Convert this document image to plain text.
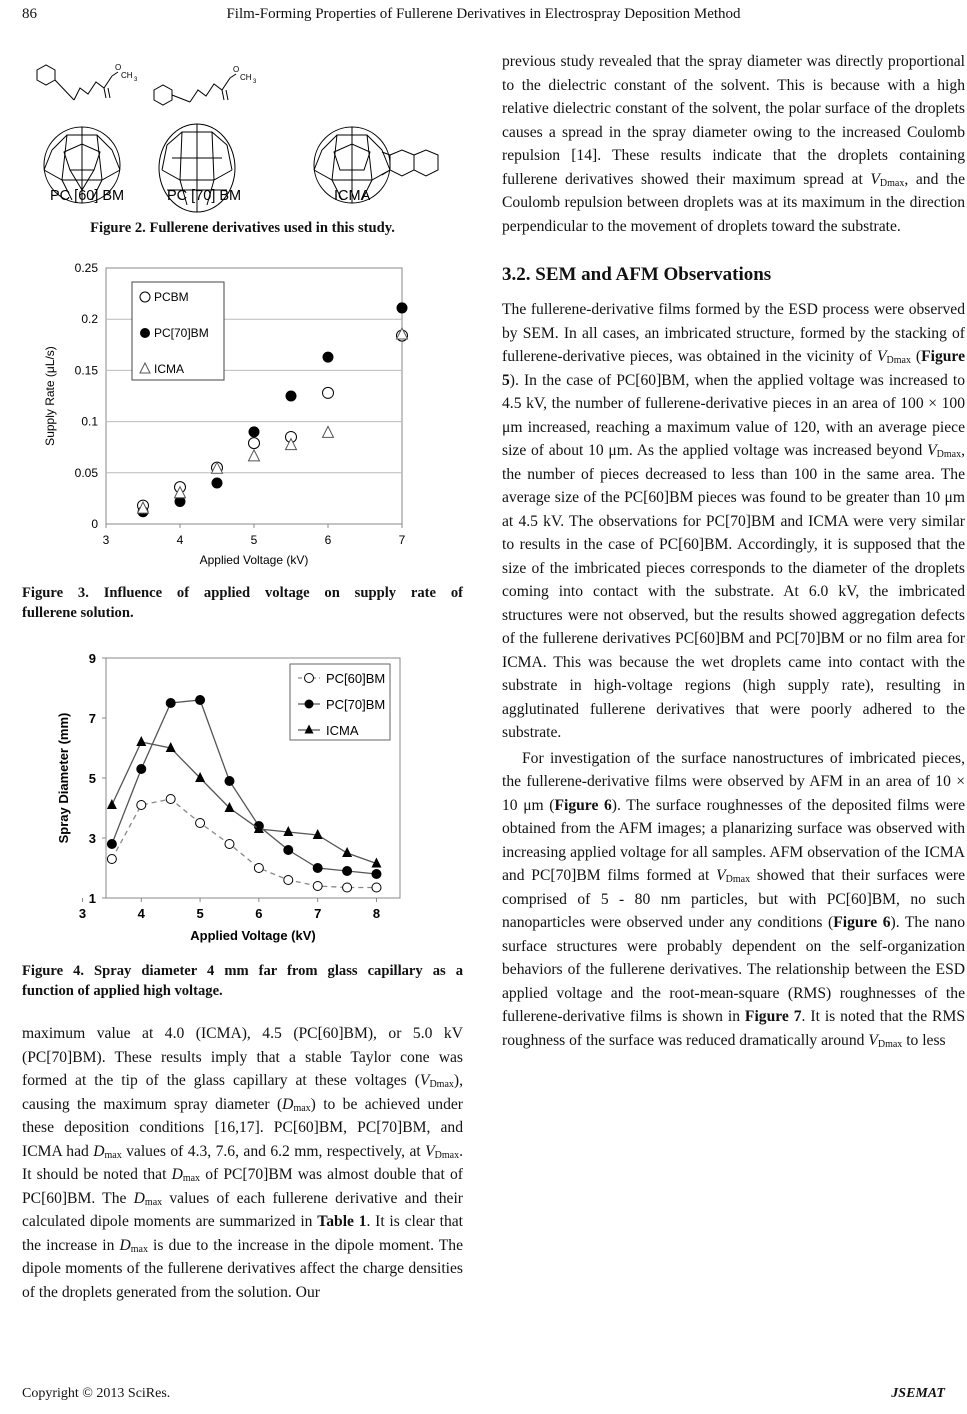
86	Film-Forming Properties of Fullerene Derivatives in Electrospray Deposition Method
O
CH 3
O
CH 3
PC [60] BM	PC [70] BM	ICMA
Figure 2. Fullerene derivatives used in this study.
0
0.05
0.1
0.15
0.2
0.25
3	4	5	6	7
Applied Voltage (kV)
Supply Rate (μL/s)
PCBM
PC[70]BM
ICMA
Figure 3. Influence of applied voltage on supply rate of
fullerene solution.
1
3
5
7
9
3	4	5	6	7	8
Applied Voltage (kV)
Spray Diameter (mm)
PC[60]BM
PC[70]BM
ICMA
Figure 4. Spray diameter 4 mm far from glass capillary as a
function of applied high voltage.

maximum value at 4.0 (ICMA), 4.5 (PC[60]BM), or 5.0 kV (PC[70]BM). These results imply that a stable Taylor cone was formed at the tip of the glass capillary at these voltages $(V_{Dmax})$, causing the maximum spray diameter $(D_{max})$ to be achieved under these deposition conditions [16,17]. PC[60]BM, PC[70]BM, and ICMA had $D_{max}$ values of 4.3, 7.6, and 6.2 mm, respectively, at $V_{Dmax}$. It should be noted that $D_{max}$ of PC[70]BM was almost double that of PC[60]BM. The $D_{max}$ values of each fullerene derivative and their calculated dipole moments are summarized in Table 1. It is clear that the increase in $D_{max}$ is due to the increase in the dipole moment. The dipole moments of the fullerene derivatives affect the charge densities of the droplets generated from the solution. Our

previous study revealed that the spray diameter was directly proportional to the dielectric constant of the solvent. This is because with a high relative dielectric constant of the solvent, the polar surface of the droplets causes a spread in the spray diameter owing to the increased Coulomb repulsion [14]. These results indicate that the droplets containing fullerene derivatives showed their maximum spread at $V_{Dmax}$, and the Coulomb repulsion between droplets was at its maximum in the direction perpendicular to the movement of droplets toward the substrate.

3.2. SEM and AFM Observations

The fullerene-derivative films formed by the ESD process were observed by SEM. In all cases, an imbricated structure, formed by the stacking of fullerene-derivative pieces, was obtained in the vicinity of $V_{Dmax}$ (Figure 5). In the case of PC[60]BM, when the applied voltage was increased to 4.5 kV, the number of fullerene-derivative pieces in an area of 100 × 100 μm increased, reaching a maximum value of 120, with an average piece size of about 10 μm. As the applied voltage was increased beyond $V_{Dmax}$, the number of pieces decreased to less than 100 in the same area. The average size of the PC[60]BM pieces was found to be greater than 10 μm at 4.5 kV. The observations for PC[70]BM and ICMA were very similar to results in the case of PC[60]BM. Accordingly, it is supposed that the size of the imbricated pieces corresponds to the diameter of the droplets coming into contact with the substrate. At 6.0 kV, the imbricated structures were not observed, but the results showed aggregation defects of the fullerene derivatives PC[60]BM and PC[70]BM or no film area for ICMA. This was because the wet droplets came into contact with the substrate in high-voltage regions (high supply rate), resulting in agglutinated fullerene derivatives that were poorly adhered to the substrate.

For investigation of the surface nanostructures of imbricated pieces, the fullerene-derivative films were observed by AFM in an area of 10 × 10 μm (Figure 6). The surface roughnesses of the deposited films were obtained from the AFM images; a planarizing surface was observed with increasing applied voltage for all samples. AFM observation of the ICMA and PC[70]BM films formed at $V_{Dmax}$ showed that their surfaces were comprised of 5 - 80 nm particles, but with PC[60]BM, no such nanoparticles were observed under any conditions (Figure 6). The nano surface structures were probably dependent on the self-organization behaviors of the fullerene derivatives. The relationship between the ESD applied voltage and the root-mean-square (RMS) roughnesses of the fullerene-derivative films is shown in Figure 7. It is noted that the RMS roughness of the surface was reduced dramatically around $V_{Dmax}$ to less

Copyright © 2013 SciRes.	JSEMAT
